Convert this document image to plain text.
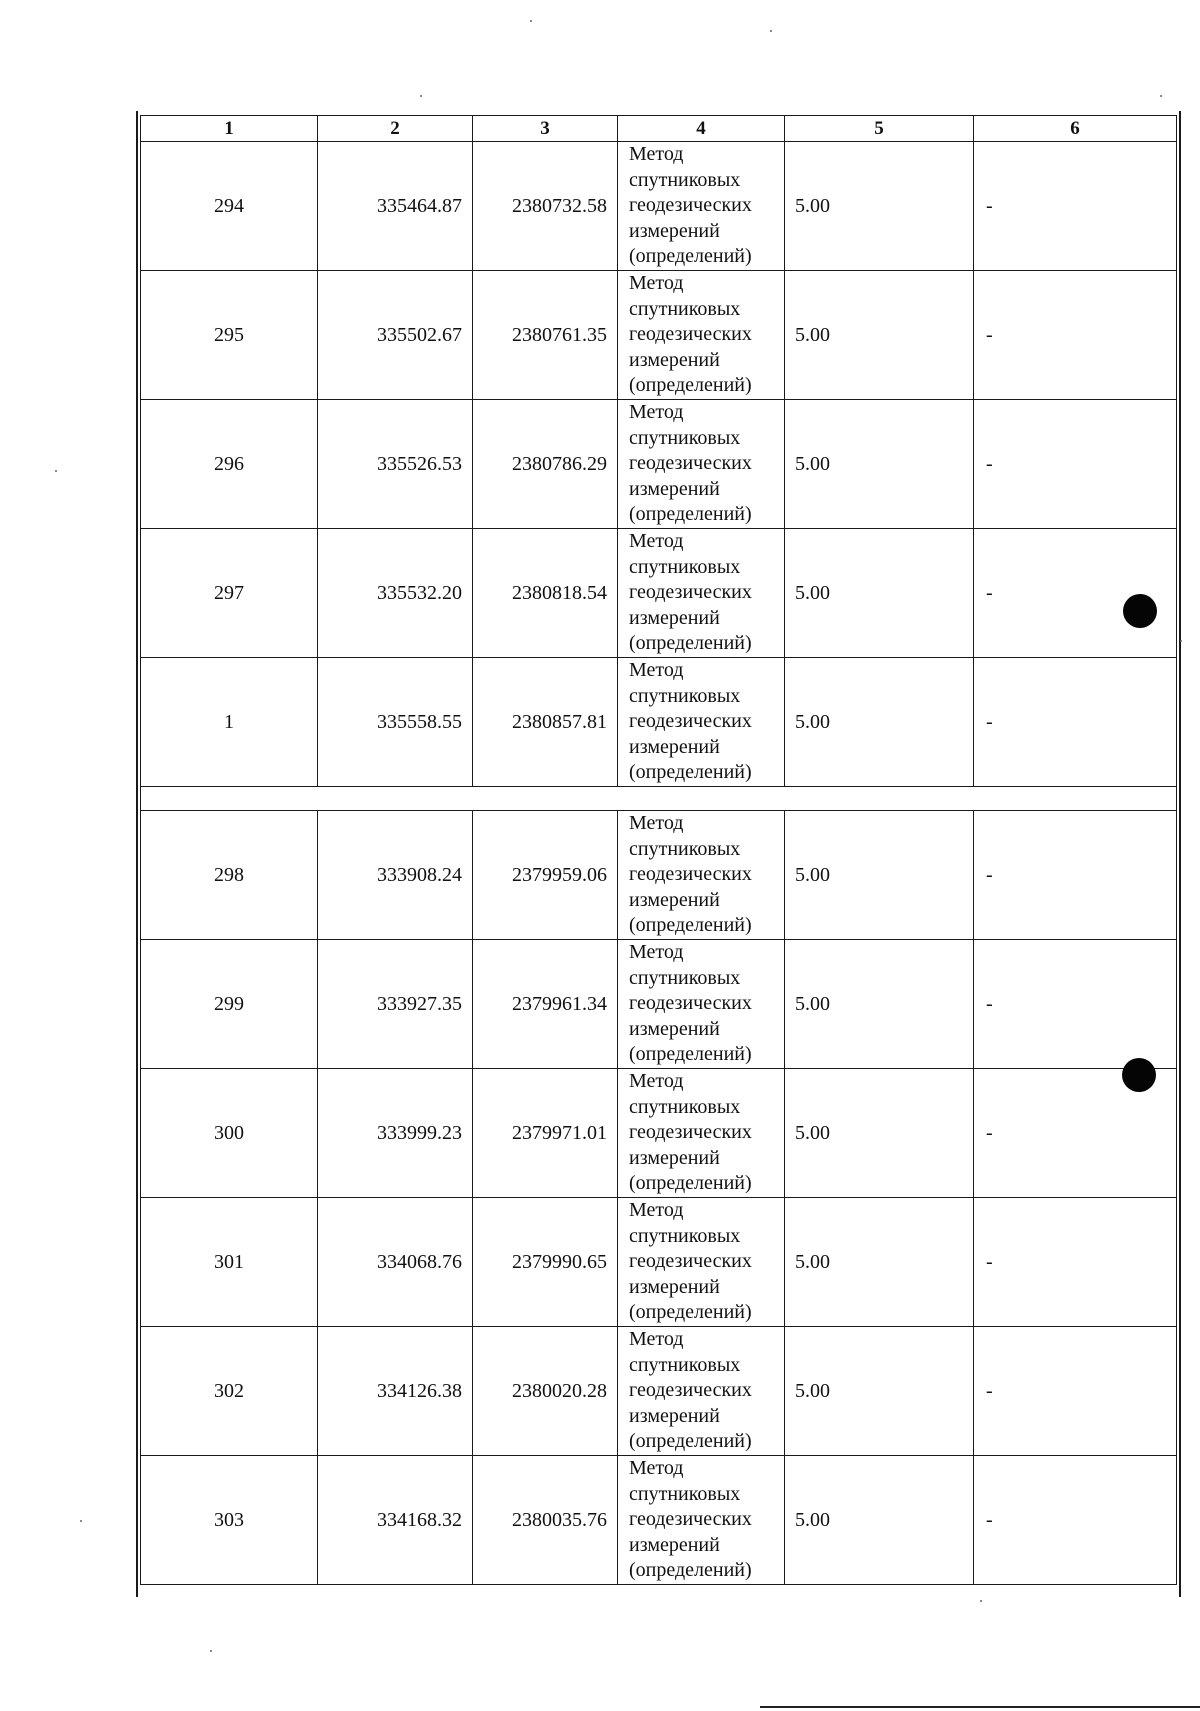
1	2	3	4	5	6
294	335464.87	2380732.58	Метод
спутниковых
геодезических
измерений
(определений)	5.00	-
295	335502.67	2380761.35	Метод
спутниковых
геодезических
измерений
(определений)	5.00	-
296	335526.53	2380786.29	Метод
спутниковых
геодезических
измерений
(определений)	5.00	-
297	335532.20	2380818.54	Метод
спутниковых
геодезических
измерений
(определений)	5.00	-
1	335558.55	2380857.81	Метод
спутниковых
геодезических
измерений
(определений)	5.00	-

298	333908.24	2379959.06	Метод
спутниковых
геодезических
измерений
(определений)	5.00	-
299	333927.35	2379961.34	Метод
спутниковых
геодезических
измерений
(определений)	5.00	-
300	333999.23	2379971.01	Метод
спутниковых
геодезических
измерений
(определений)	5.00	-
301	334068.76	2379990.65	Метод
спутниковых
геодезических
измерений
(определений)	5.00	-
302	334126.38	2380020.28	Метод
спутниковых
геодезических
измерений
(определений)	5.00	-
303	334168.32	2380035.76	Метод
спутниковых
геодезических
измерений
(определений)	5.00	-
